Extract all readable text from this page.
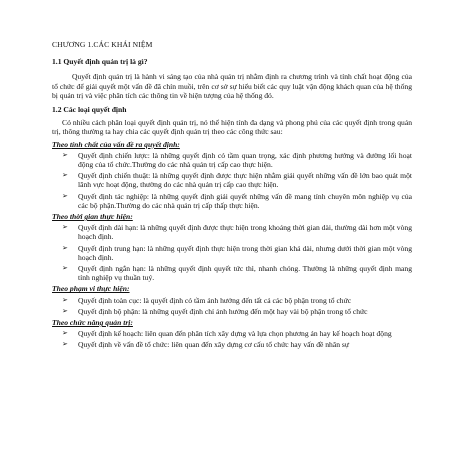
CHƯƠNG 1.CÁC KHÁI NIỆM
1.1 Quyết định quản trị là gì?
Quyết định quản trị là hành vi sáng tạo của nhà quản trị nhằm định ra chương trình và tính chất hoạt động của tổ chức để giải quyết một vấn đề đã chín muồi, trên cơ sở sự hiểu biết các quy luật vận động khách quan của hệ thống bị quản trị và việc phân tích các thông tin về hiện tượng của hệ thống đó.
1.2 Các loại quyết định
Có nhiều cách phân loại quyết định quản trị, nó thể hiện tính đa dạng và phong phú của các quyết định trong quản trị, thông thường ta hay chia các quyết định quản trị theo các công thức sau:
Theo tính chất của vấn đề ra quyết định:
➢ Quyết định chiến lược: là những quyết định có tầm quan trọng, xác định phương hướng và đường lối hoạt động của tổ chức.Thường do các nhà quản trị cấp cao thực hiện.
➢ Quyết định chiến thuật: là những quyết định được thực hiện nhằm giải quyết những vấn đề lớn bao quát một lãnh vực hoạt động, thường do các nhà quản trị cấp cao thực hiện.
➢ Quyết định tác nghiệp: là những quyết định giải quyết những vấn đề mang tính chuyên môn nghiệp vụ của các bộ phận.Thường do các nhà quản trị cấp thấp thực hiện.
Theo thời gian thực hiện:
➢ Quyết định dài hạn: là những quyết định được thực hiện trong khoảng thời gian dài, thường dài hơn một vòng hoạch định.
➢ Quyết định trung hạn: là những quyết định thực hiện trong thời gian khá dài, nhưng dưới thời gian một vòng hoạch định.
➢ Quyết định ngắn hạn: là những quyết định quyết tức thì, nhanh chóng. Thường là những quyết định mang tính nghiệp vụ thuần tuý.
Theo phạm vi thực hiện:
➢ Quyết định toàn cục: là quyết định có tầm ảnh hưởng đến tất cả các bộ phận trong tổ chức
➢ Quyết định bộ phận: là những quyết định chỉ ảnh hưởng đến một hay vài bộ phận trong tổ chức
Theo chức năng quản trị:
➢ Quyết định kế hoạch: liên quan đến phân tích xây dựng và lựa chọn phương án hay kế hoạch hoạt động
➢ Quyết định về vấn đề tổ chức: liên quan đến xây dựng cơ cấu tổ chức hay vấn đề nhân sự
